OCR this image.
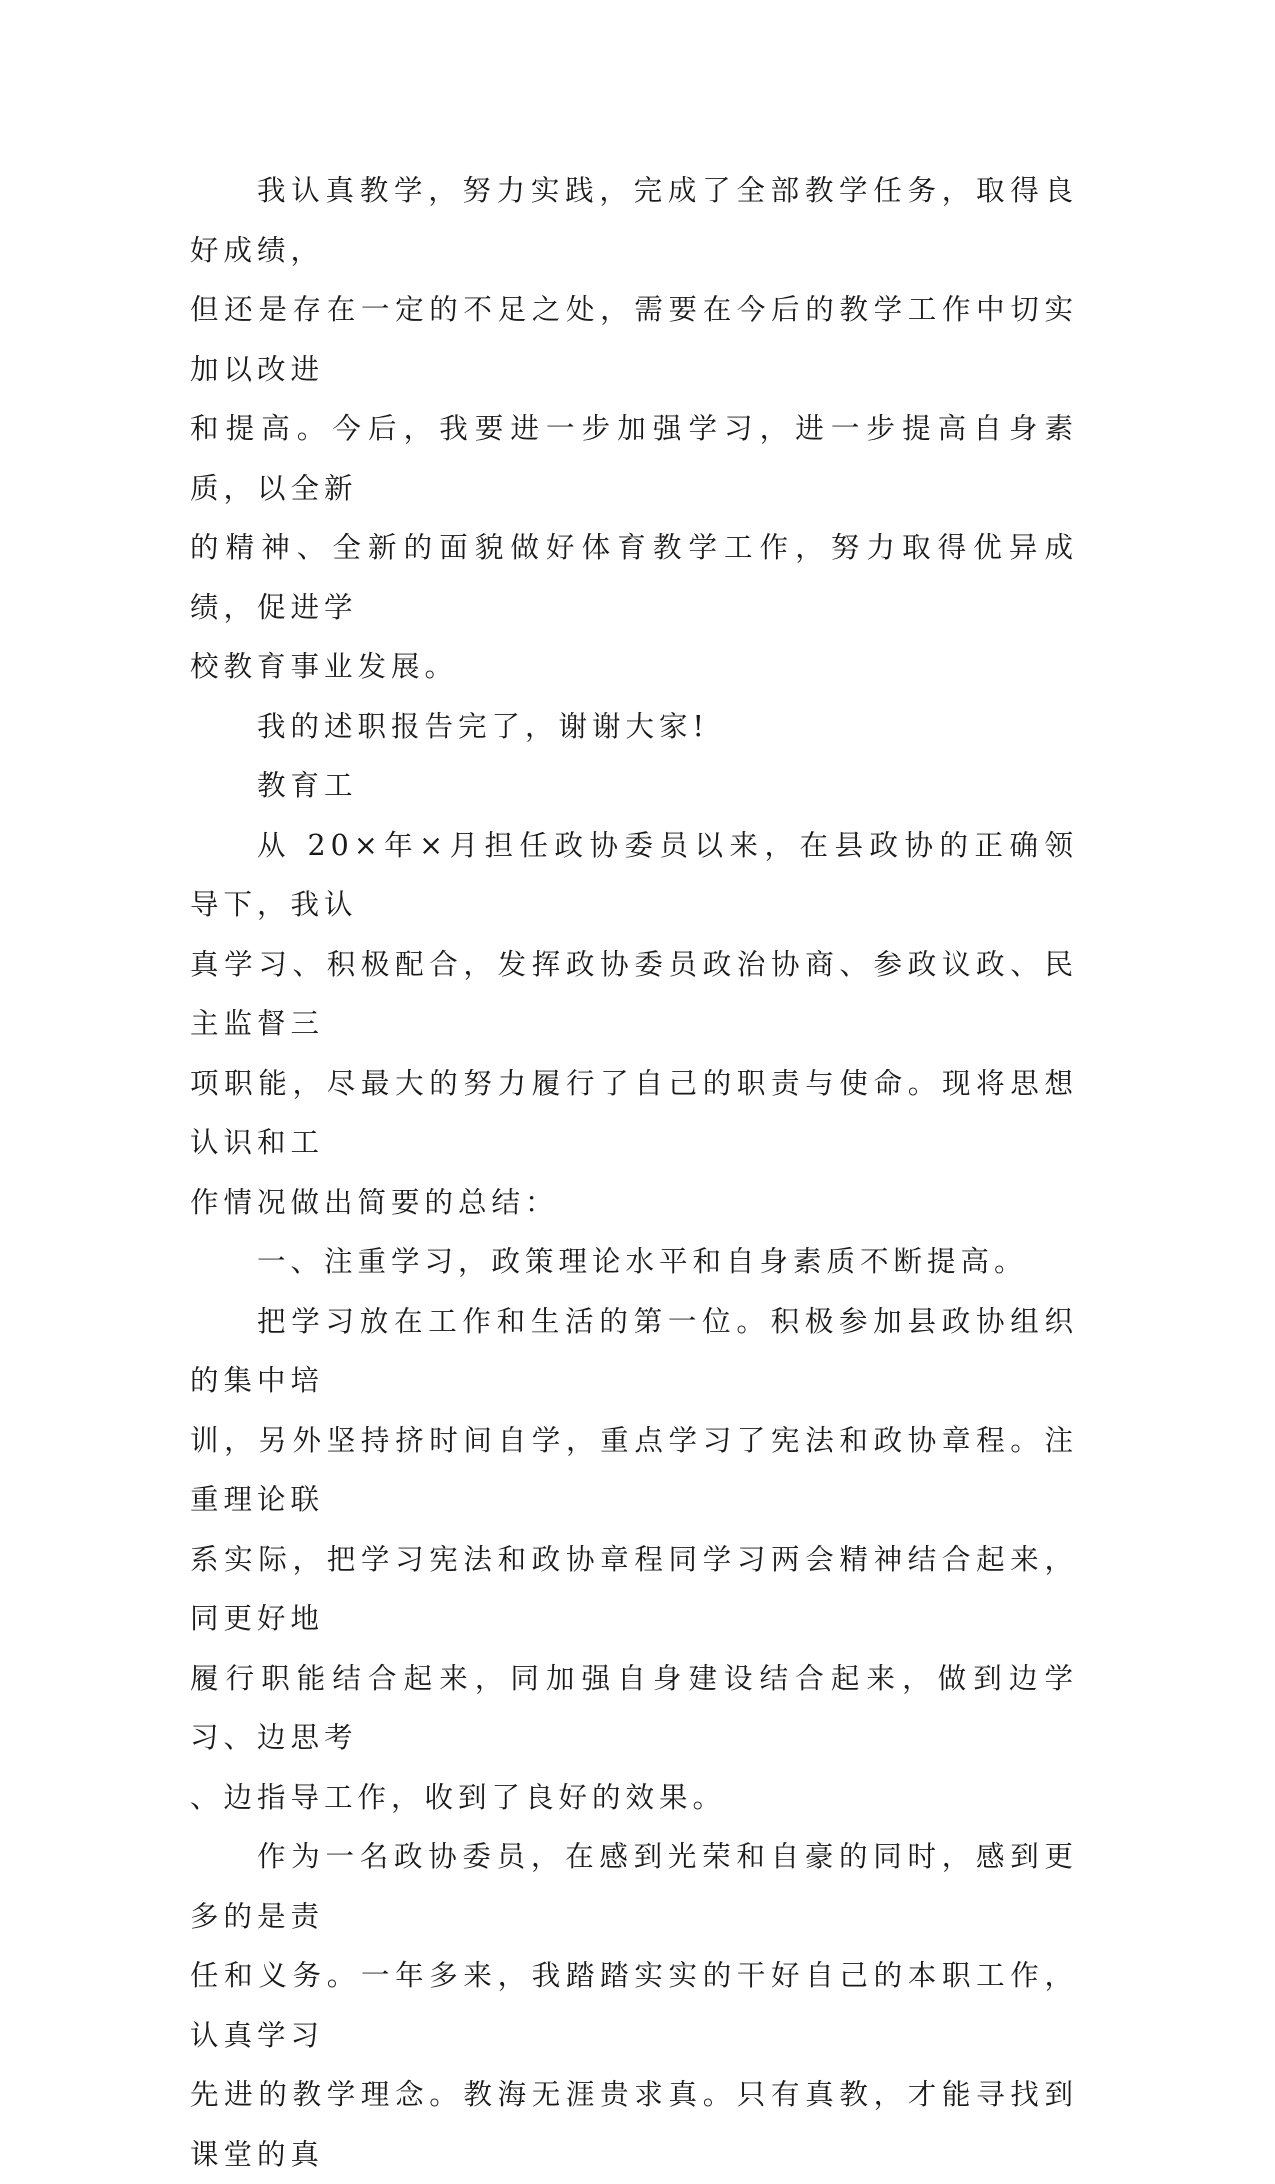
我认真教学，努力实践，完成了全部教学任务，取得良好成绩，
但还是存在一定的不足之处，需要在今后的教学工作中切实加以改进
和提高。今后，我要进一步加强学习，进一步提高自身素质，以全新
的精神、全新的面貌做好体育教学工作，努力取得优异成绩，促进学
校教育事业发展。

我的述职报告完了，谢谢大家!

教育工

从 20×年×月担任政协委员以来，在县政协的正确领导下，我认
真学习、积极配合，发挥政协委员政治协商、参政议政、民主监督三
项职能，尽最大的努力履行了自己的职责与使命。现将思想认识和工
作情况做出简要的总结：

一、注重学习，政策理论水平和自身素质不断提高。

把学习放在工作和生活的第一位。积极参加县政协组织的集中培
训，另外坚持挤时间自学，重点学习了宪法和政协章程。注重理论联
系实际，把学习宪法和政协章程同学习两会精神结合起来，同更好地
履行职能结合起来，同加强自身建设结合起来，做到边学习、边思考
、边指导工作，收到了良好的效果。

作为一名政协委员，在感到光荣和自豪的同时，感到更多的是责
任和义务。一年多来，我踏踏实实的干好自己的本职工作，认真学习
先进的教学理念。教海无涯贵求真。只有真教，才能寻找到课堂的真
